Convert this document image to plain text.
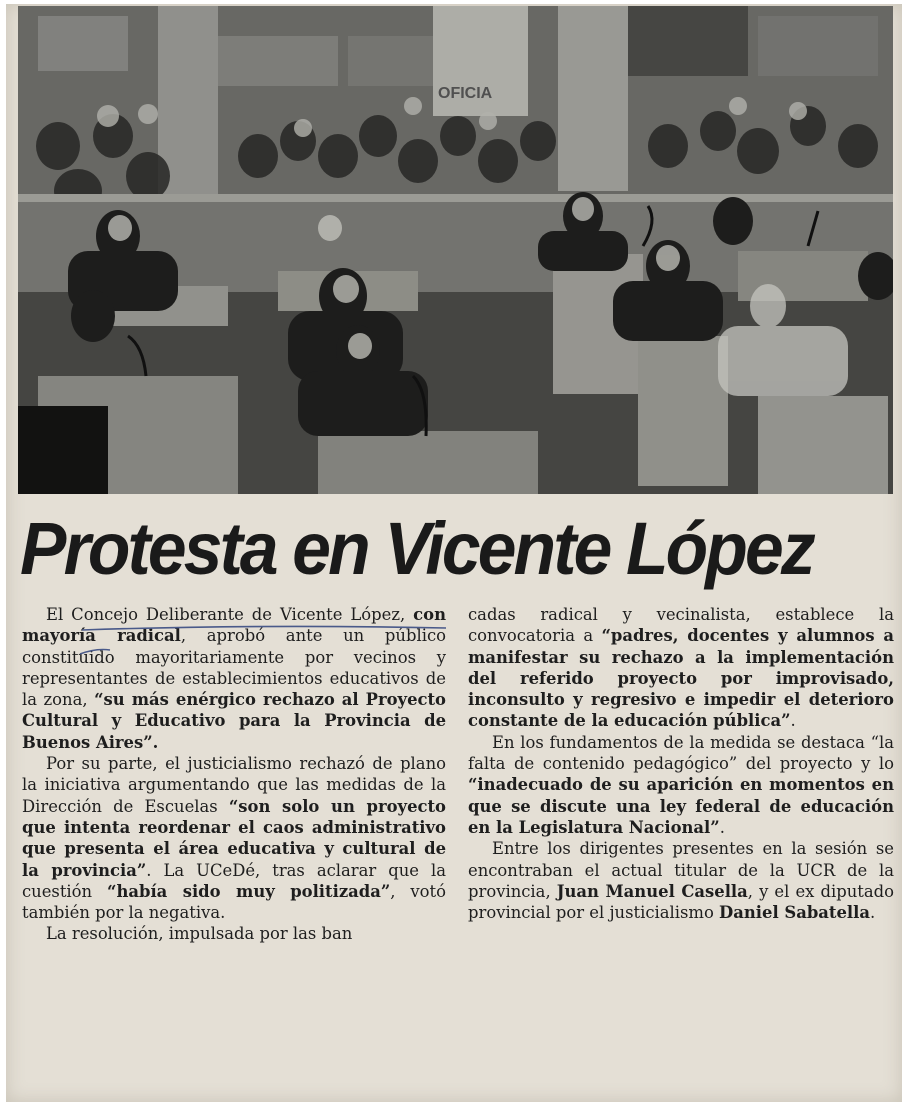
OFICIA
Protesta en Vicente López

El Concejo Deliberante de Vicente López, con mayoría radical, aprobó ante un público constituido mayoritariamente por vecinos y representantes de establecimientos educativos de la zona, “su más enérgico rechazo al Proyecto Cultural y Educativo para la Provincia de Buenos Aires”.

Por su parte, el justicialismo rechazó de plano la iniciativa argumentando que las medidas de la Dirección de Escuelas “son solo un proyecto que intenta reordenar el caos administrativo que presenta el área educativa y cultural de la provincia”. La UCeDé, tras aclarar que la cuestión “había sido muy politizada”, votó también por la negativa.

La resolución, impulsada por las ban

cadas radical y vecinalista, establece la convocatoria a “padres, docentes y alumnos a manifestar su rechazo a la implementación del referido proyecto por improvisado, inconsulto y regresivo e impedir el deterioro constante de la educación pública”.

En los fundamentos de la medida se destaca “la falta de contenido pedagógico” del proyecto y lo “inadecuado de su aparición en momentos en que se discute una ley federal de educación en la Legislatura Nacional”.

Entre los dirigentes presentes en la sesión se encontraban el actual titular de la UCR de la provincia, Juan Manuel Casella, y el ex diputado provincial por el justicialismo Daniel Sabatella.
